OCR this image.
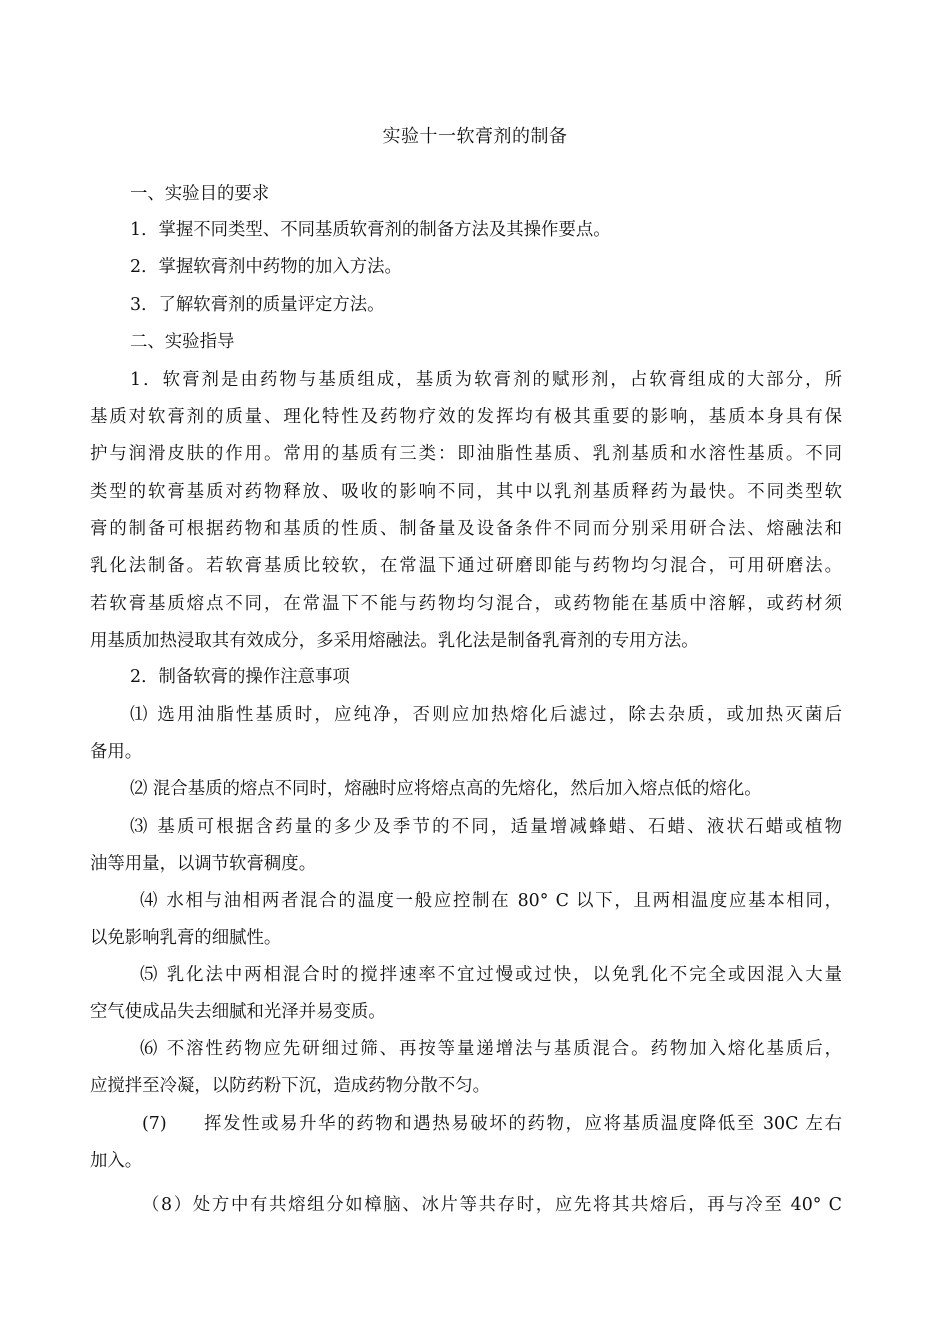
实验十一软膏剂的制备
一、实验目的要求
1．掌握不同类型、不同基质软膏剂的制备方法及其操作要点。
2．掌握软膏剂中药物的加入方法。
3．了解软膏剂的质量评定方法。
二、实验指导
1．软膏剂是由药物与基质组成，基质为软膏剂的赋形剂，占软膏组成的大部分，所
基质对软膏剂的质量、理化特性及药物疗效的发挥均有极其重要的影响，基质本身具有保
护与润滑皮肤的作用。常用的基质有三类：即油脂性基质、乳剂基质和水溶性基质。不同
类型的软膏基质对药物释放、吸收的影响不同，其中以乳剂基质释药为最快。不同类型软
膏的制备可根据药物和基质的性质、制备量及设备条件不同而分别采用研合法、熔融法和
乳化法制备。若软膏基质比较软，在常温下通过研磨即能与药物均匀混合，可用研磨法。
若软膏基质熔点不同，在常温下不能与药物均匀混合，或药物能在基质中溶解，或药材须
用基质加热浸取其有效成分，多采用熔融法。乳化法是制备乳膏剂的专用方法。
2．制备软膏的操作注意事项
⑴ 选用油脂性基质时，应纯净，否则应加热熔化后滤过，除去杂质，或加热灭菌后
备用。
⑵ 混合基质的熔点不同时，熔融时应将熔点高的先熔化，然后加入熔点低的熔化。
⑶ 基质可根据含药量的多少及季节的不同，适量增减蜂蜡、石蜡、液状石蜡或植物
油等用量，以调节软膏稠度。
⑷ 水相与油相两者混合的温度一般应控制在 80° C 以下，且两相温度应基本相同，
以免影响乳膏的细腻性。
⑸ 乳化法中两相混合时的搅拌速率不宜过慢或过快，以免乳化不完全或因混入大量
空气使成品失去细腻和光泽并易变质。
⑹ 不溶性药物应先研细过筛、再按等量递增法与基质混合。药物加入熔化基质后，
应搅拌至冷凝，以防药粉下沉，造成药物分散不匀。
(7) 挥发性或易升华的药物和遇热易破坏的药物，应将基质温度降低至 30C 左右
加入。
（8）处方中有共熔组分如樟脑、冰片等共存时，应先将其共熔后，再与冷至 40° C
